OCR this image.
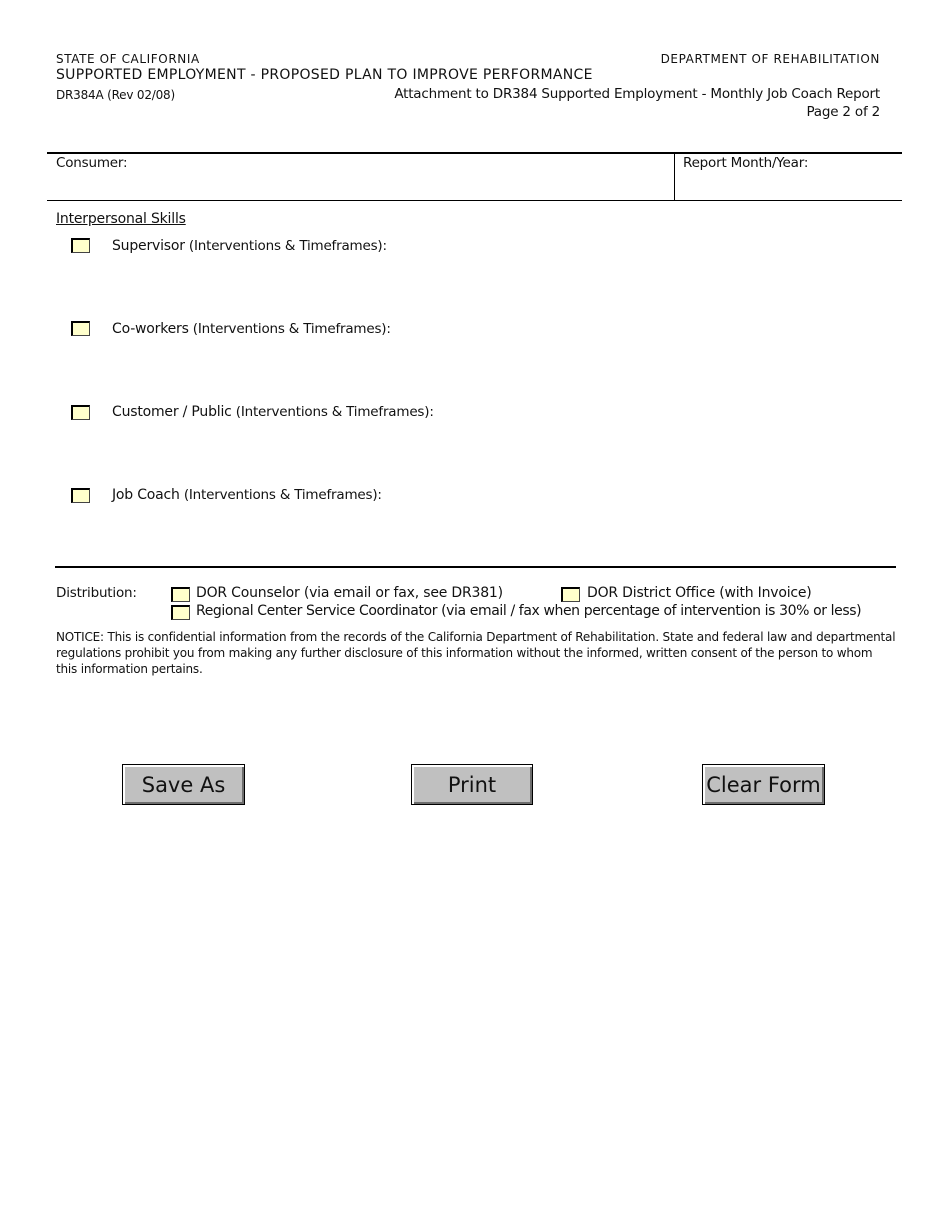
STATE OF CALIFORNIA	DEPARTMENT OF REHABILITATION
SUPPORTED EMPLOYMENT - PROPOSED PLAN TO IMPROVE PERFORMANCE
DR384A (Rev 02/08)	Attachment to DR384 Supported Employment - Monthly Job Coach Report
Page 2 of 2
Consumer:	Report Month/Year:
Interpersonal Skills
Supervisor (Interventions & Timeframes):
Co-workers (Interventions & Timeframes):
Customer / Public (Interventions & Timeframes):
Job Coach (Interventions & Timeframes):
Distribution:	DOR Counselor (via email or fax, see DR381)	DOR District Office (with Invoice)
Regional Center Service Coordinator (via email / fax when percentage of intervention is 30% or less)
NOTICE: This is confidential information from the records of the California Department of Rehabilitation. State and federal law and departmental regulations prohibit you from making any further disclosure of this information without the informed, written consent of the person to whom this information pertains.
Save As	Print	Clear Form
